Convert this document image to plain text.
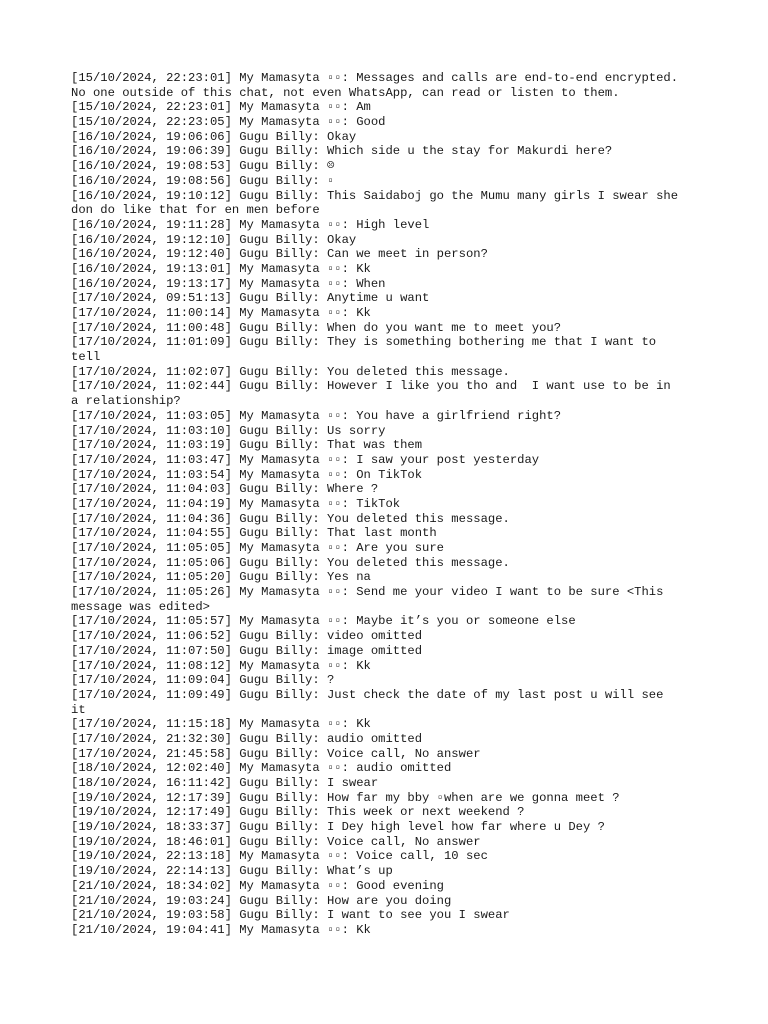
[15/10/2024, 22:23:01] My Mamasyta ▫▫: Messages and calls are end-to-end encrypted.
No one outside of this chat, not even WhatsApp, can read or listen to them.
[15/10/2024, 22:23:01] My Mamasyta ▫▫: Am
[15/10/2024, 22:23:05] My Mamasyta ▫▫: Good
[16/10/2024, 19:06:06] Gugu Billy: Okay
[16/10/2024, 19:06:39] Gugu Billy: Which side u the stay for Makurdi here?
[16/10/2024, 19:08:53] Gugu Billy: ☹
[16/10/2024, 19:08:56] Gugu Billy: ▫
[16/10/2024, 19:10:12] Gugu Billy: This Saidaboj go the Mumu many girls I swear she
don do like that for en men before
[16/10/2024, 19:11:28] My Mamasyta ▫▫: High level
[16/10/2024, 19:12:10] Gugu Billy: Okay
[16/10/2024, 19:12:40] Gugu Billy: Can we meet in person?
[16/10/2024, 19:13:01] My Mamasyta ▫▫: Kk
[16/10/2024, 19:13:17] My Mamasyta ▫▫: When
[17/10/2024, 09:51:13] Gugu Billy: Anytime u want
[17/10/2024, 11:00:14] My Mamasyta ▫▫: Kk
[17/10/2024, 11:00:48] Gugu Billy: When do you want me to meet you?
[17/10/2024, 11:01:09] Gugu Billy: They is something bothering me that I want to
tell
[17/10/2024, 11:02:07] Gugu Billy: You deleted this message.
[17/10/2024, 11:02:44] Gugu Billy: However I like you tho and  I want use to be in
a relationship?
[17/10/2024, 11:03:05] My Mamasyta ▫▫: You have a girlfriend right?
[17/10/2024, 11:03:10] Gugu Billy: Us sorry
[17/10/2024, 11:03:19] Gugu Billy: That was them
[17/10/2024, 11:03:47] My Mamasyta ▫▫: I saw your post yesterday
[17/10/2024, 11:03:54] My Mamasyta ▫▫: On TikTok
[17/10/2024, 11:04:03] Gugu Billy: Where ?
[17/10/2024, 11:04:19] My Mamasyta ▫▫: TikTok
[17/10/2024, 11:04:36] Gugu Billy: You deleted this message.
[17/10/2024, 11:04:55] Gugu Billy: That last month
[17/10/2024, 11:05:05] My Mamasyta ▫▫: Are you sure
[17/10/2024, 11:05:06] Gugu Billy: You deleted this message.
[17/10/2024, 11:05:20] Gugu Billy: Yes na
[17/10/2024, 11:05:26] My Mamasyta ▫▫: Send me your video I want to be sure <This
message was edited>
[17/10/2024, 11:05:57] My Mamasyta ▫▫: Maybe it’s you or someone else
[17/10/2024, 11:06:52] Gugu Billy: video omitted
[17/10/2024, 11:07:50] Gugu Billy: image omitted
[17/10/2024, 11:08:12] My Mamasyta ▫▫: Kk
[17/10/2024, 11:09:04] Gugu Billy: ?
[17/10/2024, 11:09:49] Gugu Billy: Just check the date of my last post u will see
it
[17/10/2024, 11:15:18] My Mamasyta ▫▫: Kk
[17/10/2024, 21:32:30] Gugu Billy: audio omitted
[17/10/2024, 21:45:58] Gugu Billy: Voice call, No answer
[18/10/2024, 12:02:40] My Mamasyta ▫▫: audio omitted
[18/10/2024, 16:11:42] Gugu Billy: I swear
[19/10/2024, 12:17:39] Gugu Billy: How far my bby ▫when are we gonna meet ?
[19/10/2024, 12:17:49] Gugu Billy: This week or next weekend ?
[19/10/2024, 18:33:37] Gugu Billy: I Dey high level how far where u Dey ?
[19/10/2024, 18:46:01] Gugu Billy: Voice call, No answer
[19/10/2024, 22:13:18] My Mamasyta ▫▫: Voice call, 10 sec
[19/10/2024, 22:14:13] Gugu Billy: What’s up
[21/10/2024, 18:34:02] My Mamasyta ▫▫: Good evening
[21/10/2024, 19:03:24] Gugu Billy: How are you doing
[21/10/2024, 19:03:58] Gugu Billy: I want to see you I swear
[21/10/2024, 19:04:41] My Mamasyta ▫▫: Kk
